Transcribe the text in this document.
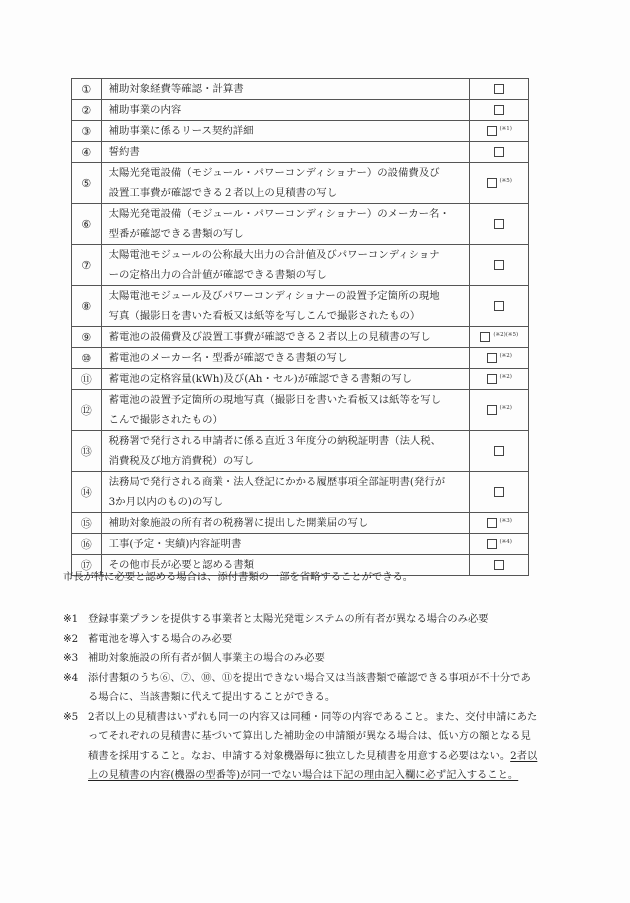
①	補助対象経費等確認・計算書	

②	補助事業の内容	

③	補助事業に係るリース契約詳細	$^{(※1)}$
④	誓約書	

⑤	太陽光発電設備（モジュール・パワーコンディショナー）の設備費及び
設置工事費が確認できる２者以上の見積書の写し	$^{(※5)}$
⑥	太陽光発電設備（モジュール・パワーコンディショナー）のメーカー名・
型番が確認できる書類の写し	

⑦	太陽電池モジュールの公称最大出力の合計値及びパワーコンディショナ
ーの定格出力の合計値が確認できる書類の写し	

⑧	太陽電池モジュール及びパワーコンディショナーの設置予定箇所の現地
写真（撮影日を書いた看板又は紙等を写しこんで撮影されたもの）	

⑨	蓄電池の設備費及び設置工事費が確認できる２者以上の見積書の写し	$^{(※2)(※5)}$
⑩	蓄電池のメーカー名・型番が確認できる書類の写し	$^{(※2)}$
⑪	蓄電池の定格容量(kWh)及び(Ah・セル)が確認できる書類の写し	$^{(※2)}$
⑫	蓄電池の設置予定箇所の現地写真（撮影日を書いた看板又は紙等を写し
こんで撮影されたもの）	$^{(※2)}$
⑬	税務署で発行される申請者に係る直近３年度分の納税証明書（法人税、
消費税及び地方消費税）の写し	

⑭	法務局で発行される商業・法人登記にかかる履歴事項全部証明書(発行が
3か月以内のもの)の写し	

⑮	補助対象施設の所有者の税務署に提出した開業届の写し	$^{(※3)}$
⑯	工事(予定・実績)内容証明書	$^{(※4)}$
⑰	その他市長が必要と認める書類	

市長が特に必要と認める場合は、添付書類の一部を省略することができる。
※1 登録事業プランを提供する事業者と太陽光発電システムの所有者が異なる場合のみ必要
※2 蓄電池を導入する場合のみ必要
※3 補助対象施設の所有者が個人事業主の場合のみ必要
※4 添付書類のうち⑥、⑦、⑩、⑪を提出できない場合又は当該書類で確認できる事項が不十分である場合に、当該書類に代えて提出することができる。
※5 2者以上の見積書はいずれも同一の内容又は同種・同等の内容であること。また、交付申請にあたってそれぞれの見積書に基づいて算出した補助金の申請額が異なる場合は、低い方の額となる見積書を採用すること。なお、申請する対象機器毎に独立した見積書を用意する必要はない。2者以上の見積書の内容(機器の型番等)が同一でない場合は下記の理由記入欄に必ず記入すること。
